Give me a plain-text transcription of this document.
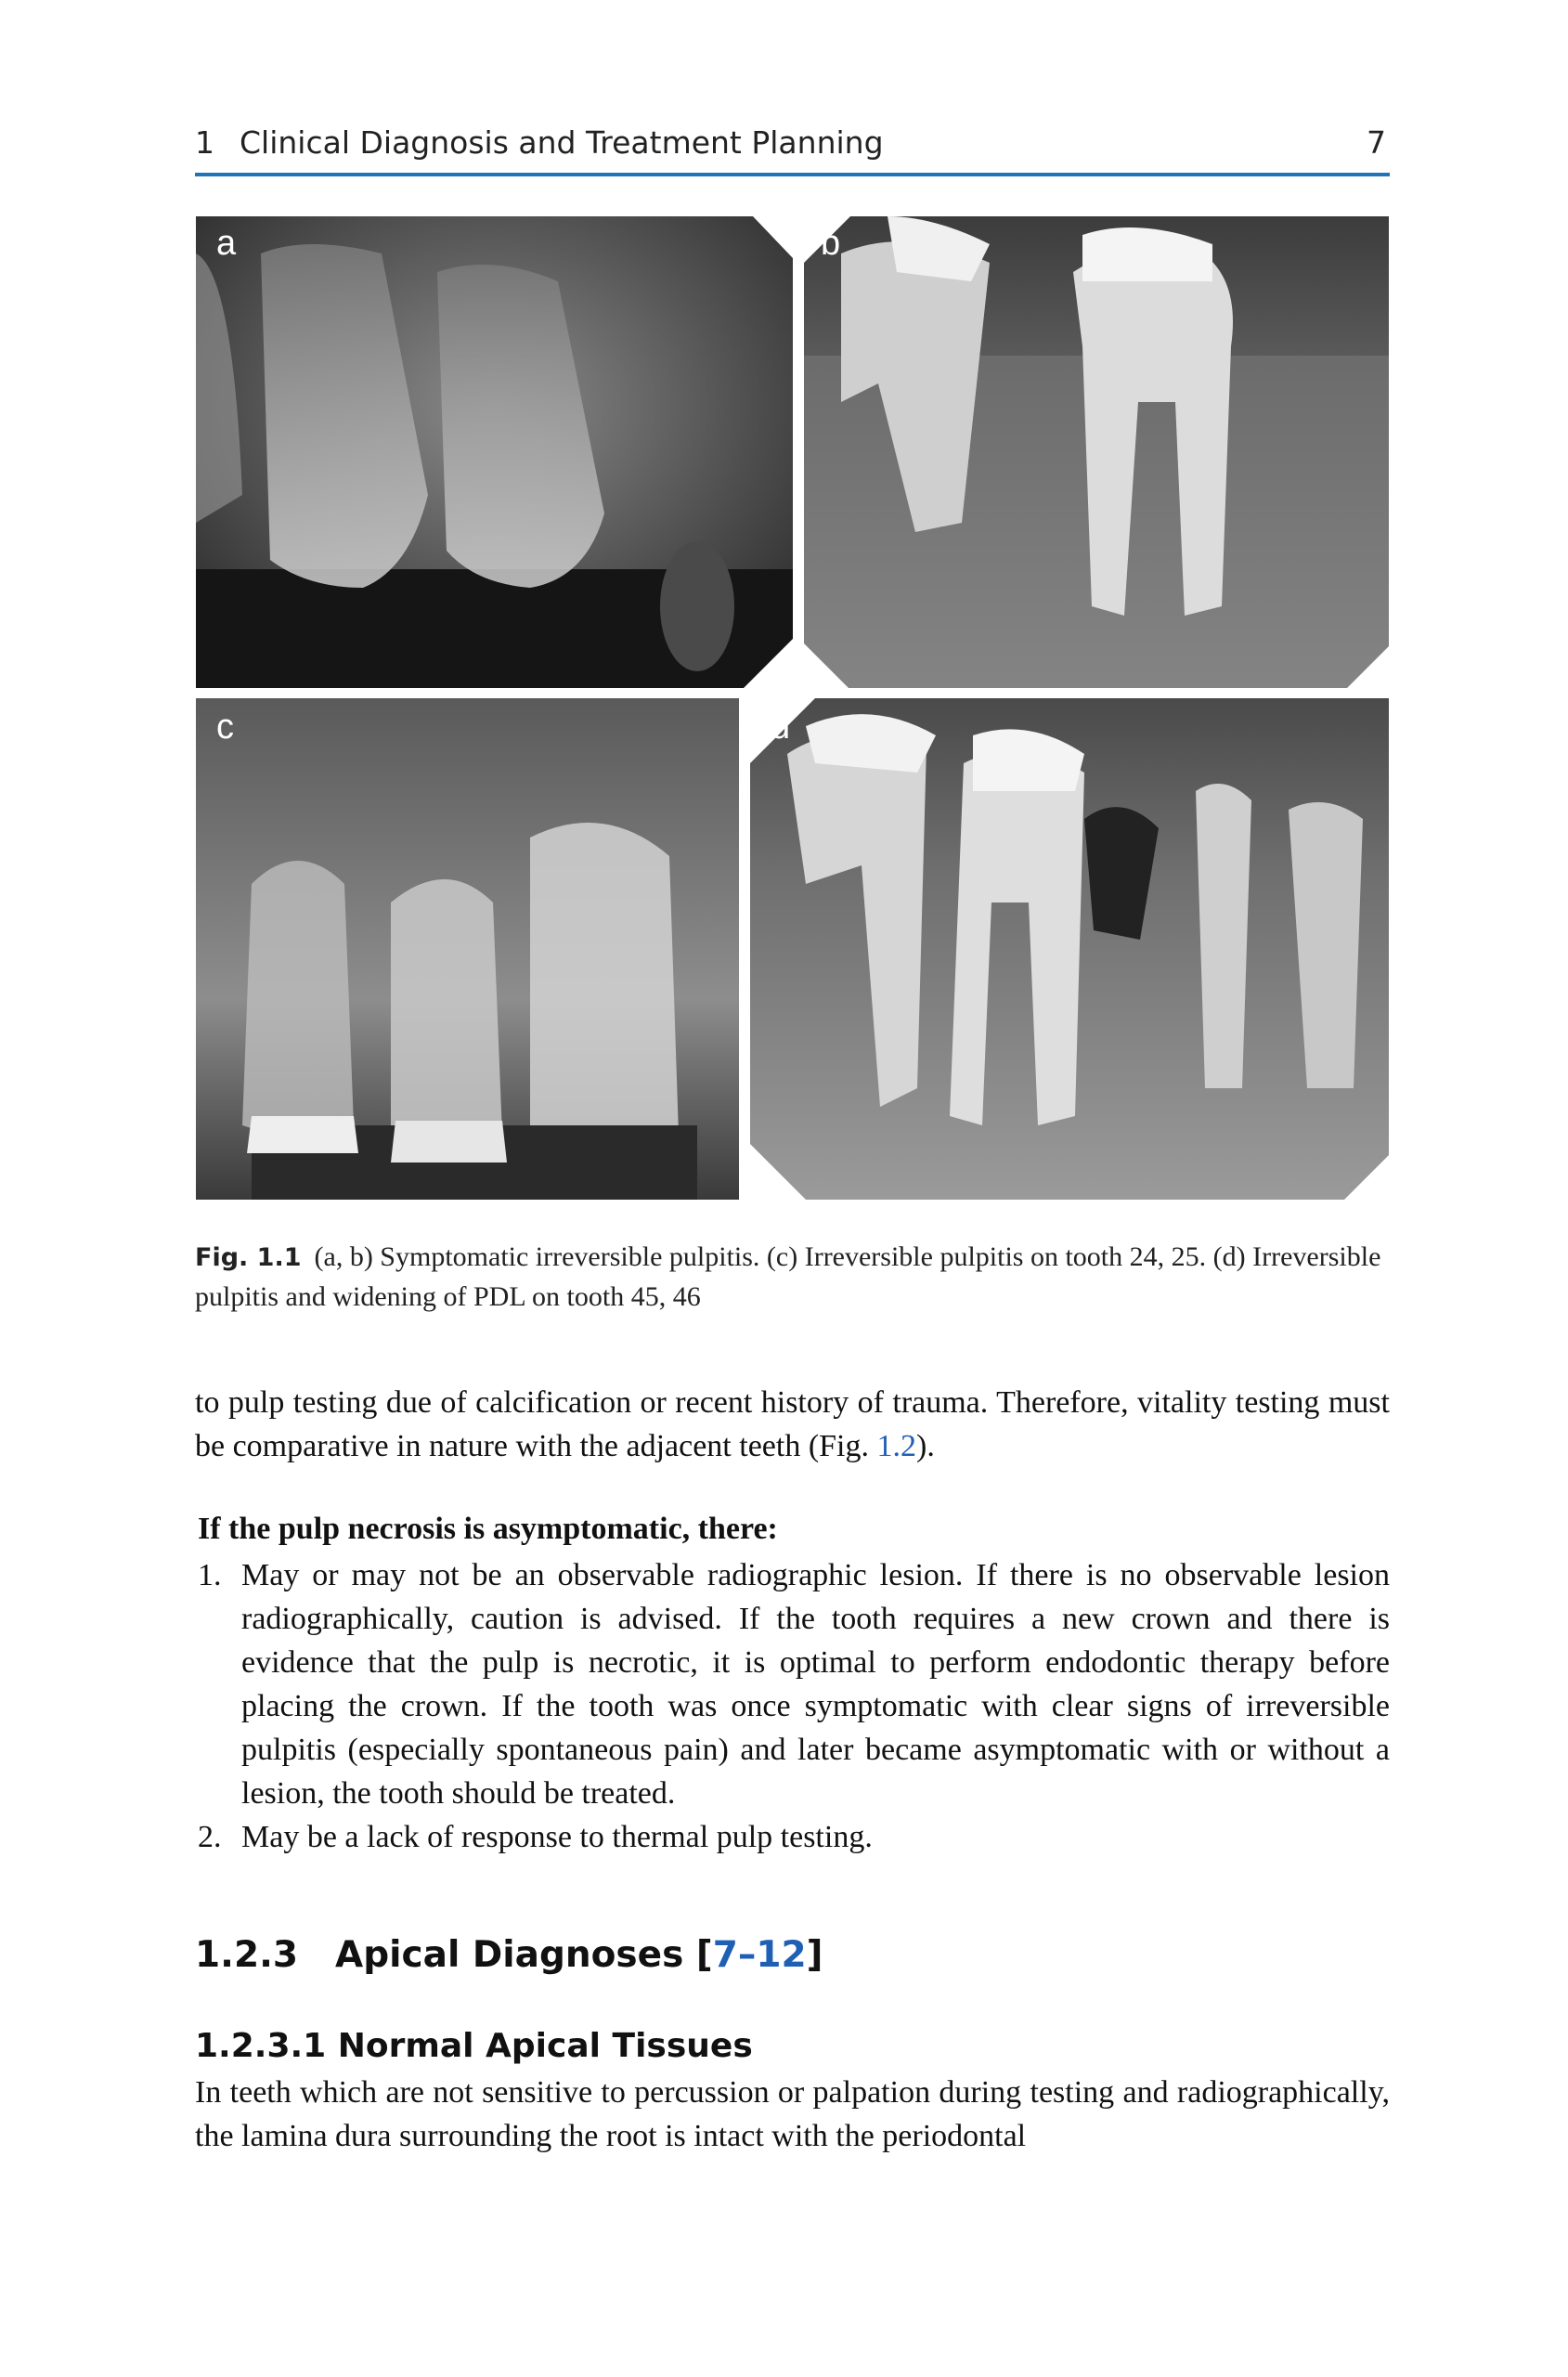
1 Clinical Diagnosis and Treatment Planning	7
a	b
c	d
Fig. 1.1 (a, b) Symptomatic irreversible pulpitis. (c) Irreversible pulpitis on tooth 24, 25. (d) Irreversible pulpitis and widening of PDL on tooth 45, 46

to pulp testing due of calcification or recent history of trauma. Therefore, vitality testing must be comparative in nature with the adjacent teeth (Fig. 1.2).

If the pulp necrosis is asymptomatic, there:
1. May or may not be an observable radiographic lesion. If there is no observable lesion radiographically, caution is advised. If the tooth requires a new crown and there is evidence that the pulp is necrotic, it is optimal to perform endodontic therapy before placing the crown. If the tooth was once symptomatic with clear signs of irreversible pulpitis (especially spontaneous pain) and later became asymptomatic with or without a lesion, the tooth should be treated.
2. May be a lack of response to thermal pulp testing.
1.2.3 Apical Diagnoses [7–12]
1.2.3.1 Normal Apical Tissues

In teeth which are not sensitive to percussion or palpation during testing and radiographically, the lamina dura surrounding the root is intact with the periodontal
